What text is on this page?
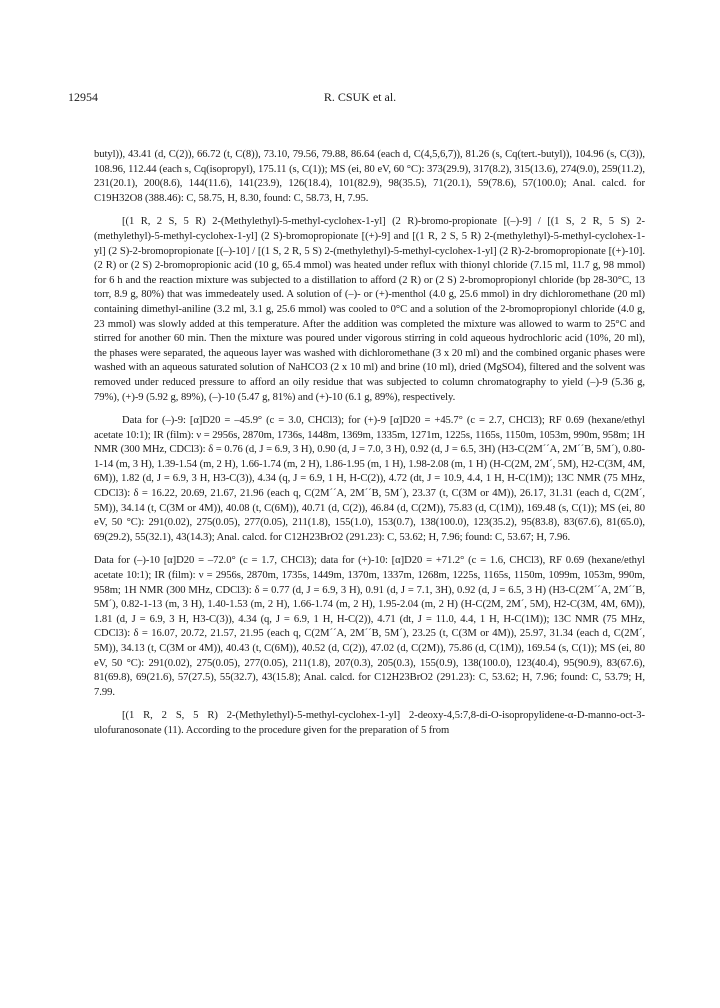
12954	R. CSUK et al.

butyl)), 43.41 (d, C(2)), 66.72 (t, C(8)), 73.10, 79.56, 79.88, 86.64 (each d, C(4,5,6,7)), 81.26 (s, Cq(tert.-butyl)), 104.96 (s, C(3)), 108.96, 112.44 (each s, Cq(isopropyl), 175.11 (s, C(1)); MS (ei, 80 eV, 60 °C): 373(29.9), 317(8.2), 315(13.6), 274(9.0), 259(11.2), 231(20.1), 200(8.6), 144(11.6), 141(23.9), 126(18.4), 101(82.9), 98(35.5), 71(20.1), 59(78.6), 57(100.0); Anal. calcd. for C19H32O8 (388.46): C, 58.75, H, 8.30, found: C, 58.73, H, 7.95.

[(1 R, 2 S, 5 R) 2-(Methylethyl)-5-methyl-cyclohex-1-yl] (2 R)-bromo-propionate [(–)-9] / [(1 S, 2 R, 5 S) 2-(methylethyl)-5-methyl-cyclohex-1-yl] (2 S)-bromopropionate [(+)-9] and [(1 R, 2 S, 5 R) 2-(methylethyl)-5-methyl-cyclohex-1-yl] (2 S)-2-bromopropionate [(–)-10] / [(1 S, 2 R, 5 S) 2-(methylethyl)-5-methyl-cyclohex-1-yl] (2 R)-2-bromopropionate [(+)-10]. (2 R) or (2 S) 2-bromopropionic acid (10 g, 65.4 mmol) was heated under reflux with thionyl chloride (7.15 ml, 11.7 g, 98 mmol) for 6 h and the reaction mixture was subjected to a distillation to afford (2 R) or (2 S) 2-bromopropionyl chloride (bp 28-30°C, 13 torr, 8.9 g, 80%) that was immedeately used. A solution of (–)- or (+)-menthol (4.0 g, 25.6 mmol) in dry dichloromethane (20 ml) containing dimethyl-aniline (3.2 ml, 3.1 g, 25.6 mmol) was cooled to 0°C and a solution of the 2-bromopropionyl chloride (4.0 g, 23 mmol) was slowly added at this temperature. After the addition was completed the mixture was allowed to warm to 25°C and stirred for another 60 min. Then the mixture was poured under vigorous stirring in cold aqueous hydrochloric acid (10%, 20 ml), the phases were separated, the aqueous layer was washed with dichloromethane (3 x 20 ml) and the combined organic phases were washed with an aqueous saturated solution of NaHCO3 (2 x 10 ml) and brine (10 ml), dried (MgSO4), filtered and the solvent was removed under reduced pressure to afford an oily residue that was subjected to column chromatography to yield (–)-9 (5.36 g, 79%), (+)-9 (5.92 g, 89%), (–)-10 (5.47 g, 81%) and (+)-10 (6.1 g, 89%), respectively.

Data for (–)-9: [α]D20 = –45.9° (c = 3.0, CHCl3); for (+)-9 [α]D20 = +45.7° (c = 2.7, CHCl3); RF 0.69 (hexane/ethyl acetate 10:1); IR (film): ν = 2956s, 2870m, 1736s, 1448m, 1369m, 1335m, 1271m, 1225s, 1165s, 1150m, 1053m, 990m, 958m; 1H NMR (300 MHz, CDCl3): δ = 0.76 (d, J = 6.9, 3 H), 0.90 (d, J = 7.0, 3 H), 0.92 (d, J = 6.5, 3H) (H3-C(2M´´A, 2M´´B, 5M´), 0.80-1-14 (m, 3 H), 1.39-1.54 (m, 2 H), 1.66-1.74 (m, 2 H), 1.86-1.95 (m, 1 H), 1.98-2.08 (m, 1 H) (H-C(2M, 2M´, 5M), H2-C(3M, 4M, 6M)), 1.82 (d, J = 6.9, 3 H, H3-C(3)), 4.34 (q, J = 6.9, 1 H, H-C(2)), 4.72 (dt, J = 10.9, 4.4, 1 H, H-C(1M)); 13C NMR (75 MHz, CDCl3): δ = 16.22, 20.69, 21.67, 21.96 (each q, C(2M´´A, 2M´´B, 5M´), 23.37 (t, C(3M or 4M)), 26.17, 31.31 (each d, C(2M´, 5M)), 34.14 (t, C(3M or 4M)), 40.08 (t, C(6M)), 40.71 (d, C(2)), 46.84 (d, C(2M)), 75.83 (d, C(1M)), 169.48 (s, C(1)); MS (ei, 80 eV, 50 °C): 291(0.02), 275(0.05), 277(0.05), 211(1.8), 155(1.0), 153(0.7), 138(100.0), 123(35.2), 95(83.8), 83(67.6), 81(65.0), 69(29.2), 55(32.1), 43(14.3); Anal. calcd. for C12H23BrO2 (291.23): C, 53.62; H, 7.96; found: C, 53.67; H, 7.96.

Data for (–)-10 [α]D20 = –72.0° (c = 1.7, CHCl3); data for (+)-10: [α]D20 = +71.2° (c = 1.6, CHCl3), RF 0.69 (hexane/ethyl acetate 10:1); IR (film): ν = 2956s, 2870m, 1735s, 1449m, 1370m, 1337m, 1268m, 1225s, 1165s, 1150m, 1099m, 1053m, 990m, 958m; 1H NMR (300 MHz, CDCl3): δ = 0.77 (d, J = 6.9, 3 H), 0.91 (d, J = 7.1, 3H), 0.92 (d, J = 6.5, 3 H) (H3-C(2M´´A, 2M´´B, 5M´), 0.82-1-13 (m, 3 H), 1.40-1.53 (m, 2 H), 1.66-1.74 (m, 2 H), 1.95-2.04 (m, 2 H) (H-C(2M, 2M´, 5M), H2-C(3M, 4M, 6M)), 1.81 (d, J = 6.9, 3 H, H3-C(3)), 4.34 (q, J = 6.9, 1 H, H-C(2)), 4.71 (dt, J = 11.0, 4.4, 1 H, H-C(1M)); 13C NMR (75 MHz, CDCl3): δ = 16.07, 20.72, 21.57, 21.95 (each q, C(2M´´A, 2M´´B, 5M´), 23.25 (t, C(3M or 4M)), 25.97, 31.34 (each d, C(2M´, 5M)), 34.13 (t, C(3M or 4M)), 40.43 (t, C(6M)), 40.52 (d, C(2)), 47.02 (d, C(2M)), 75.86 (d, C(1M)), 169.54 (s, C(1)); MS (ei, 80 eV, 50 °C): 291(0.02), 275(0.05), 277(0.05), 211(1.8), 207(0.3), 205(0.3), 155(0.9), 138(100.0), 123(40.4), 95(90.9), 83(67.6), 81(69.8), 69(21.6), 57(27.5), 55(32.7), 43(15.8); Anal. calcd. for C12H23BrO2 (291.23): C, 53.62; H, 7.96; found: C, 53.79; H, 7.99.

[(1 R, 2 S, 5 R) 2-(Methylethyl)-5-methyl-cyclohex-1-yl] 2-deoxy-4,5:7,8-di-O-isopropylidene-α-D-manno-oct-3-ulofuranosonate (11). According to the procedure given for the preparation of 5 from
